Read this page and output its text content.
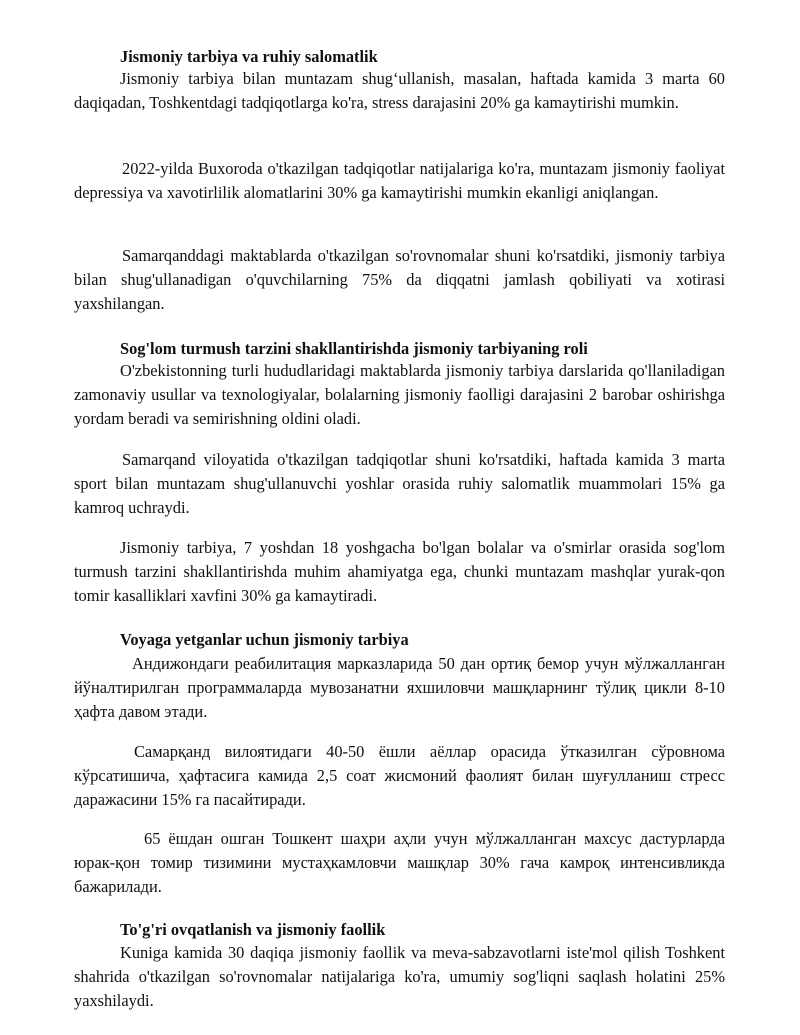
Jismoniy tarbiya va ruhiy salomatlik
Jismoniy tarbiya bilan muntazam shug‘ullanish, masalan, haftada kamida 3 marta 60 daqiqadan, Toshkentdagi tadqiqotlarga ko'ra, stress darajasini 20% ga kamaytirishi mumkin.
2022-yilda Buxoroda o'tkazilgan tadqiqotlar natijalariga ko'ra, muntazam jismoniy faoliyat depressiya va xavotirlilik alomatlarini 30% ga kamaytirishi mumkin ekanligi aniqlangan.
Samarqanddagi maktablarda o'tkazilgan so'rovnomalar shuni ko'rsatdiki, jismoniy tarbiya bilan shug'ullanadigan o'quvchilarning 75% da diqqatni jamlash qobiliyati va xotirasi yaxshilangan.
Sog'lom turmush tarzini shakllantirishda jismoniy tarbiyaning roli
O'zbekistonning turli hududlaridagi maktablarda jismoniy tarbiya darslarida qo'llaniladigan zamonaviy usullar va texnologiyalar, bolalarning jismoniy faolligi darajasini 2 barobar oshirishga yordam beradi va semirishning oldini oladi.
Samarqand viloyatida o'tkazilgan tadqiqotlar shuni ko'rsatdiki, haftada kamida 3 marta sport bilan muntazam shug'ullanuvchi yoshlar orasida ruhiy salomatlik muammolari 15% ga kamroq uchraydi.
Jismoniy tarbiya, 7 yoshdan 18 yoshgacha bo'lgan bolalar va o'smirlar orasida sog'lom turmush tarzini shakllantirishda muhim ahamiyatga ega, chunki muntazam mashqlar yurak-qon tomir kasalliklari xavfini 30% ga kamaytiradi.
Voyaga yetganlar uchun jismoniy tarbiya
Андижондаги реабилитация марказларида 50 дан ортиқ бемор учун мўлжалланган йўналтирилган программаларда мувозанатни яхшиловчи машқларнинг тўлиқ цикли 8-10 ҳафта давом этади.
Самарқанд вилоятидаги 40-50 ёшли аёллар орасида ўтказилган сўровнома кўрсатишича, ҳафтасига камида 2,5 соат жисмоний фаолият билан шуғулланиш стресс даражасини 15% га пасайтиради.
65 ёшдан ошган Тошкент шаҳри аҳли учун мўлжалланган махсус дастурларда юрак-қон томир тизимини мустаҳкамловчи машқлар 30% гача камроқ интенсивликда бажарилади.
To'g'ri ovqatlanish va jismoniy faollik
Kuniga kamida 30 daqiqa jismoniy faollik va meva-sabzavotlarni iste'mol qilish Toshkent shahrida o'tkazilgan so'rovnomalar natijalariga ko'ra, umumiy sog'liqni saqlash holatini 25% yaxshilaydi.
